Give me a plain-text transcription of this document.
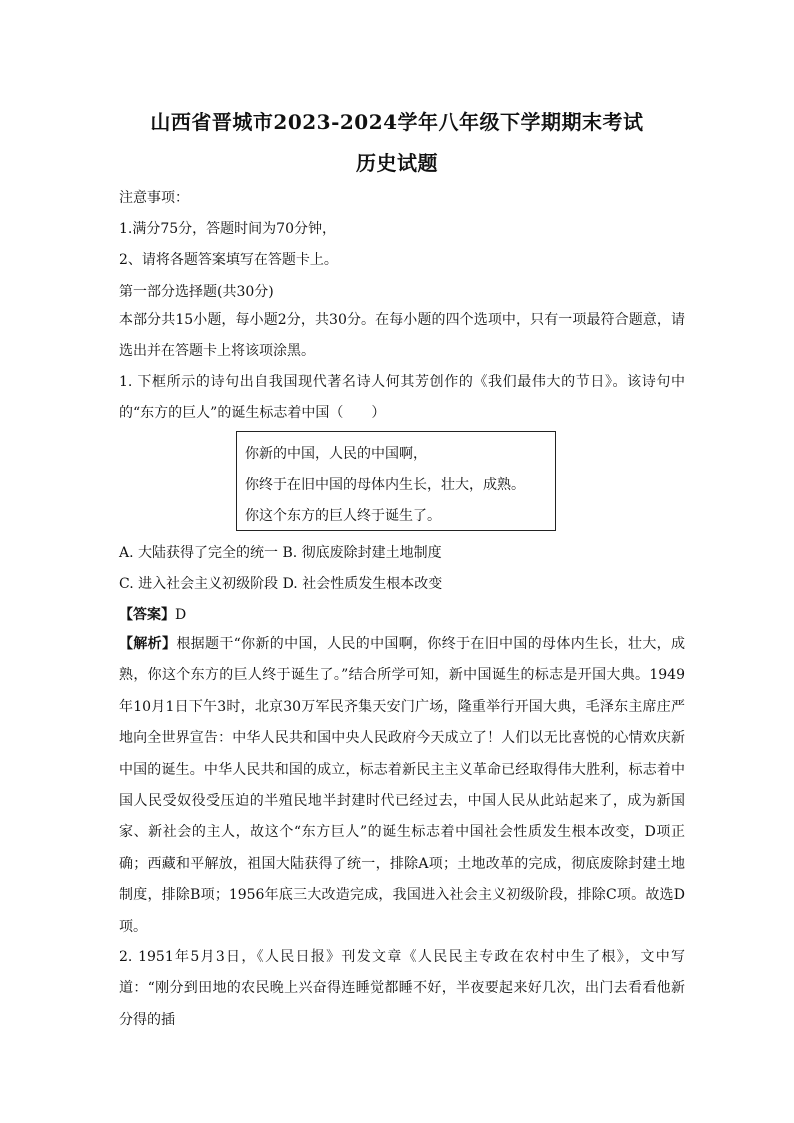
山西省晋城市2023-2024学年八年级下学期期末考试
历史试题
注意事项：
1.满分75分，答题时间为70分钟，
2、请将各题答案填写在答题卡上。
第一部分选择题(共30分)
本部分共15小题，每小题2分，共30分。在每小题的四个选项中，只有一项最符合题意，请选出并在答题卡上将该项涂黑。
1. 下框所示的诗句出自我国现代著名诗人何其芳创作的《我们最伟大的节日》。该诗句中的“东方的巨人”的诞生标志着中国（　　）
你新的中国，人民的中国啊，
你终于在旧中国的母体内生长，壮大，成熟。
你这个东方的巨人终于诞生了。
A. 大陆获得了完全的统一 B. 彻底废除封建土地制度
C. 进入社会主义初级阶段 D. 社会性质发生根本改变
【答案】D
【解析】根据题干“你新的中国，人民的中国啊，你终于在旧中国的母体内生长，壮大，成熟，你这个东方的巨人终于诞生了。”结合所学可知，新中国诞生的标志是开国大典。1949年10月1日下午3时，北京30万军民齐集天安门广场，隆重举行开国大典，毛泽东主席庄严地向全世界宣告：中华人民共和国中央人民政府今天成立了！人们以无比喜悦的心情欢庆新中国的诞生。中华人民共和国的成立，标志着新民主主义革命已经取得伟大胜利，标志着中国人民受奴役受压迫的半殖民地半封建时代已经过去，中国人民从此站起来了，成为新国家、新社会的主人，故这个“东方巨人”的诞生标志着中国社会性质发生根本改变，D项正确；西藏和平解放，祖国大陆获得了统一，排除A项；土地改革的完成，彻底废除封建土地制度，排除B项；1956年底三大改造完成，我国进入社会主义初级阶段，排除C项。故选D项。
2. 1951年5月3日，《人民日报》刊发文章《人民民主专政在农村中生了根》，文中写道：“刚分到田地的农民晚上兴奋得连睡觉都睡不好，半夜要起来好几次，出门去看看他新分得的插
